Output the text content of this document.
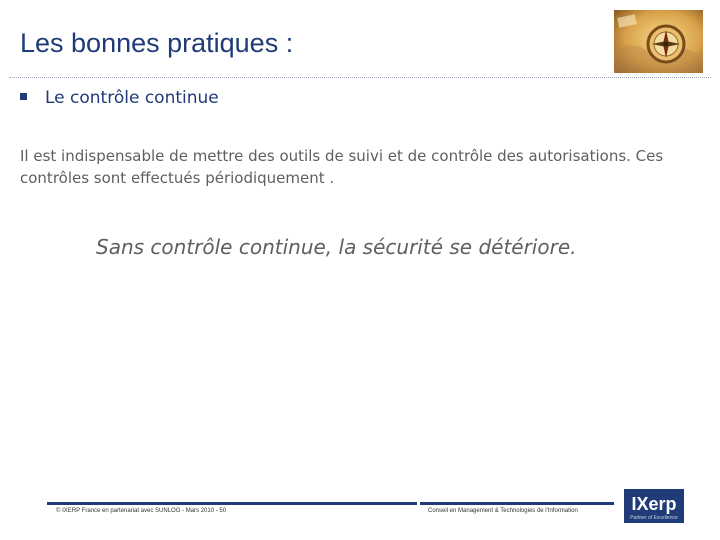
Les bonnes pratiques :
Le contrôle continue

Il est indispensable de mettre des outils de suivi et de contrôle des autorisations. Ces contrôles sont effectués périodiquement .

Sans contrôle continue, la sécurité se détériore.
© IXERP France en partenariat avec SUNLOG - Mars 2010 - 50	Conseil en Management & Technologies de l'Information	IXerp
Partner of Excellence
